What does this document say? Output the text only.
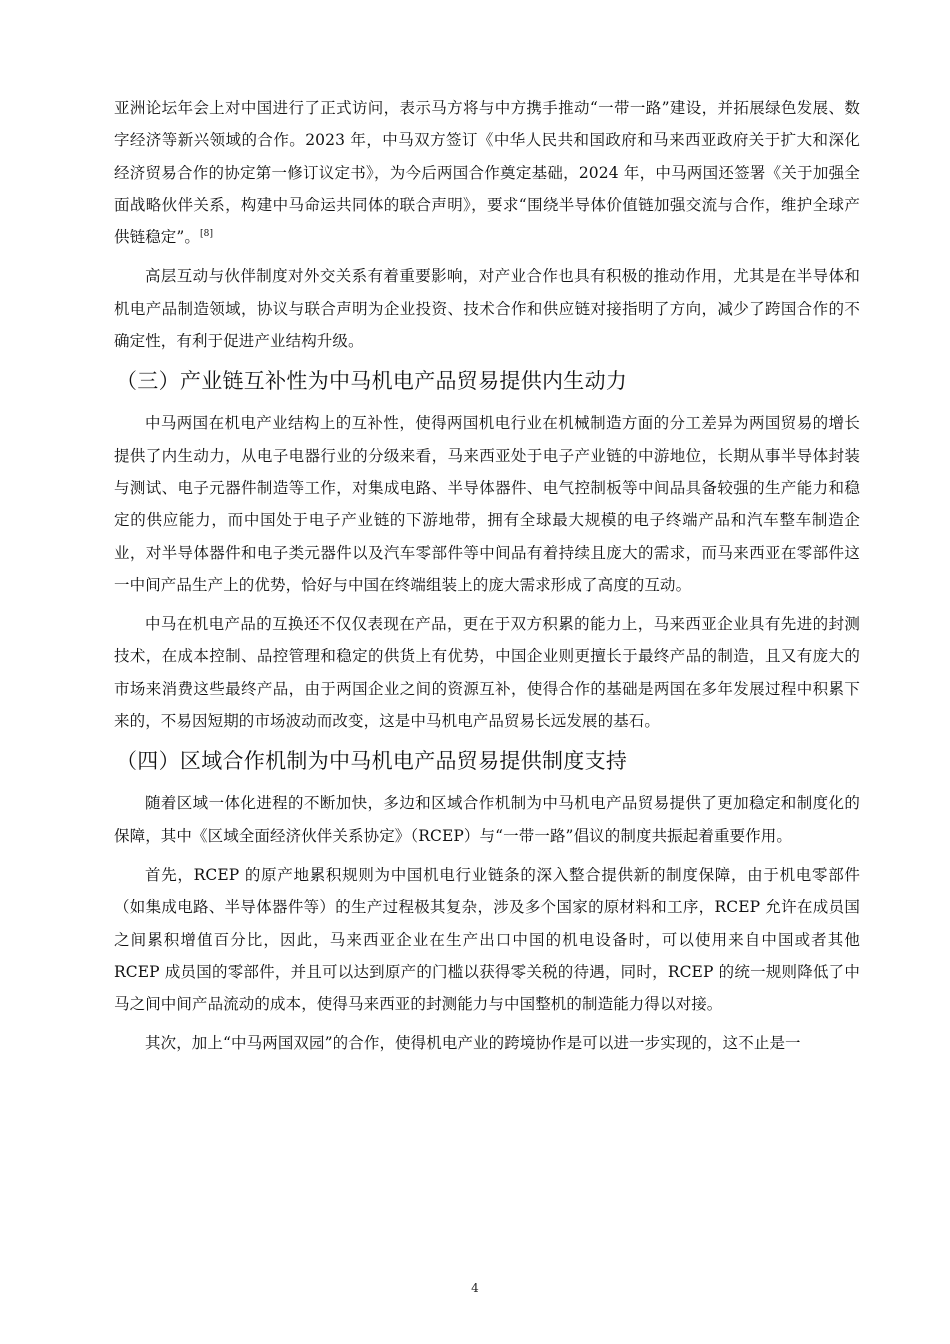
亚洲论坛年会上对中国进行了正式访问，表示马方将与中方携手推动“一带一路”建设，并拓展绿色发展、数字经济等新兴领域的合作。2023 年，中马双方签订《中华人民共和国政府和马来西亚政府关于扩大和深化经济贸易合作的协定第一修订议定书》，为今后两国合作奠定基础，2024 年，中马两国还签署《关于加强全面战略伙伴关系，构建中马命运共同体的联合声明》，要求“围绕半导体价值链加强交流与合作，维护全球产供链稳定”。[8]

高层互动与伙伴制度对外交关系有着重要影响，对产业合作也具有积极的推动作用，尤其是在半导体和机电产品制造领域，协议与联合声明为企业投资、技术合作和供应链对接指明了方向，减少了跨国合作的不确定性，有利于促进产业结构升级。

（三）产业链互补性为中马机电产品贸易提供内生动力

中马两国在机电产业结构上的互补性，使得两国机电行业在机械制造方面的分工差异为两国贸易的增长提供了内生动力，从电子电器行业的分级来看，马来西亚处于电子产业链的中游地位，长期从事半导体封装与测试、电子元器件制造等工作，对集成电路、半导体器件、电气控制板等中间品具备较强的生产能力和稳定的供应能力，而中国处于电子产业链的下游地带，拥有全球最大规模的电子终端产品和汽车整车制造企业，对半导体器件和电子类元器件以及汽车零部件等中间品有着持续且庞大的需求，而马来西亚在零部件这一中间产品生产上的优势，恰好与中国在终端组装上的庞大需求形成了高度的互动。

中马在机电产品的互换还不仅仅表现在产品，更在于双方积累的能力上，马来西亚企业具有先进的封测技术，在成本控制、品控管理和稳定的供货上有优势，中国企业则更擅长于最终产品的制造，且又有庞大的市场来消费这些最终产品，由于两国企业之间的资源互补，使得合作的基础是两国在多年发展过程中积累下来的，不易因短期的市场波动而改变，这是中马机电产品贸易长远发展的基石。

（四）区域合作机制为中马机电产品贸易提供制度支持

随着区域一体化进程的不断加快，多边和区域合作机制为中马机电产品贸易提供了更加稳定和制度化的保障，其中《区域全面经济伙伴关系协定》（RCEP）与“一带一路”倡议的制度共振起着重要作用。

首先，RCEP 的原产地累积规则为中国机电行业链条的深入整合提供新的制度保障，由于机电零部件（如集成电路、半导体器件等）的生产过程极其复杂，涉及多个国家的原材料和工序，RCEP 允许在成员国之间累积增值百分比，因此，马来西亚企业在生产出口中国的机电设备时，可以使用来自中国或者其他 RCEP 成员国的零部件，并且可以达到原产的门槛以获得零关税的待遇，同时，RCEP 的统一规则降低了中马之间中间产品流动的成本，使得马来西亚的封测能力与中国整机的制造能力得以对接。

其次，加上“中马两国双园”的合作，使得机电产业的跨境协作是可以进一步实现的，这不止是一

4
